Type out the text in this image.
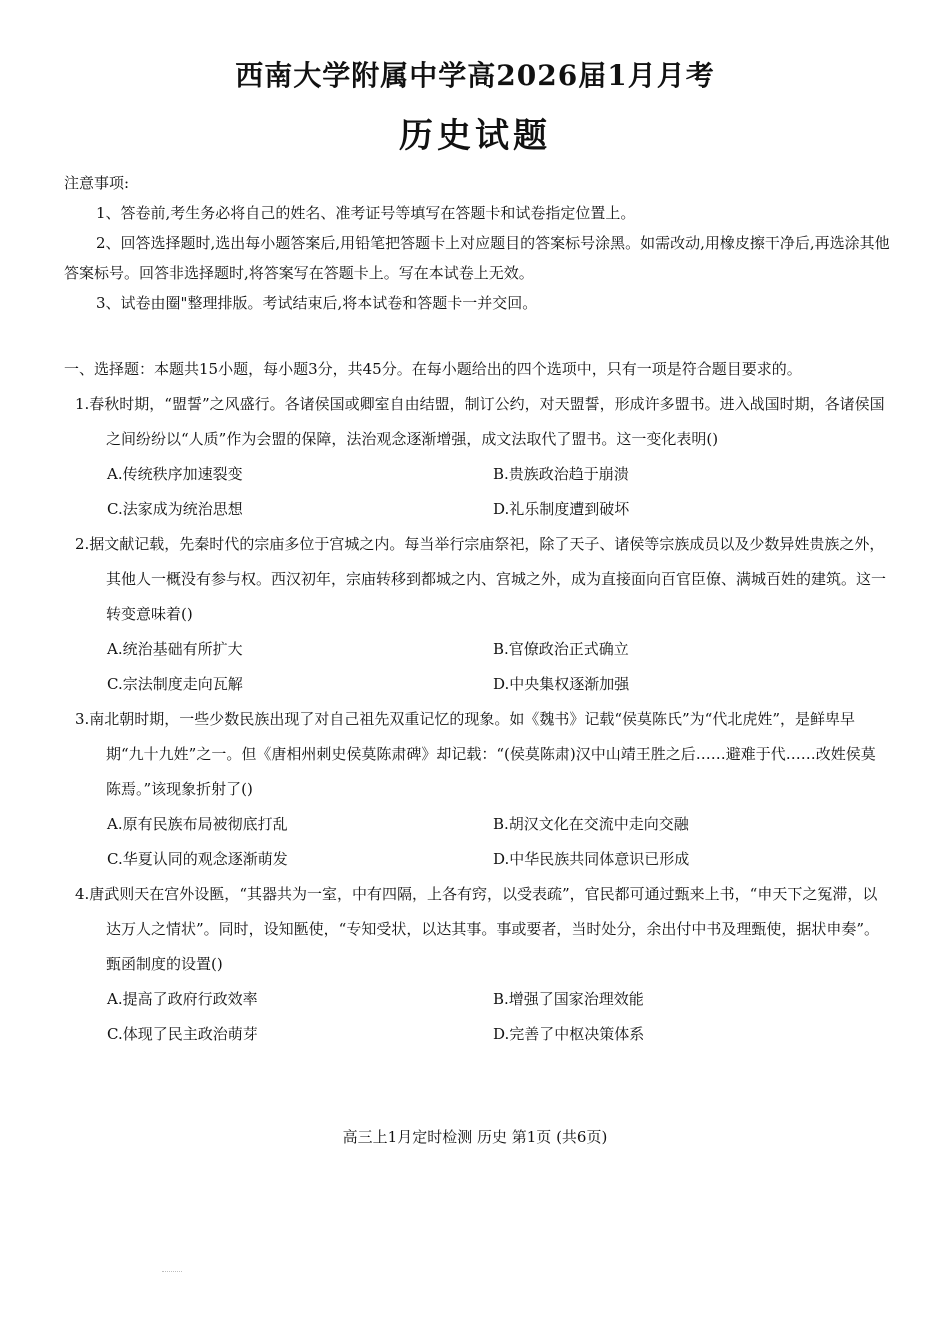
西南大学附属中学高2026届1月月考
历史试题
注意事项:
1、答卷前,考生务必将自己的姓名、准考证号等填写在答题卡和试卷指定位置上。
2、回答选择题时,选出每小题答案后,用铅笔把答题卡上对应题目的答案标号涂黑。如需改动,用橡皮擦干净后,再选涂其他答案标号。回答非选择题时,将答案写在答题卡上。写在本试卷上无效。
3、试卷由圈"整理排版。考试结束后,将本试卷和答题卡一并交回。
一、选择题：本题共15小题，每小题3分，共45分。在每小题给出的四个选项中，只有一项是符合题目要求的。
1.春秋时期，“盟誓”之风盛行。各诸侯国或卿室自由结盟，制订公约，对天盟誓，形成许多盟书。进入战国时期，各诸侯国之间纷纷以“人质”作为会盟的保障，法治观念逐渐增强，成文法取代了盟书。这一变化表明()
A.传统秩序加速裂变	B.贵族政治趋于崩溃
C.法家成为统治思想	D.礼乐制度遭到破坏
2.据文献记载，先秦时代的宗庙多位于宫城之内。每当举行宗庙祭祀，除了天子、诸侯等宗族成员以及少数异姓贵族之外，其他人一概没有参与权。西汉初年，宗庙转移到都城之内、宫城之外，成为直接面向百官臣僚、满城百姓的建筑。这一转变意味着()
A.统治基础有所扩大	B.官僚政治正式确立
C.宗法制度走向瓦解	D.中央集权逐渐加强
3.南北朝时期，一些少数民族出现了对自己祖先双重记忆的现象。如《魏书》记载“侯莫陈氏”为“代北虎姓”，是鲜卑早期“九十九姓”之一。但《唐相州刺史侯莫陈肃碑》却记载：“(侯莫陈肃)汉中山靖王胜之后……避难于代……改姓侯莫陈焉。”该现象折射了()
A.原有民族布局被彻底打乱	B.胡汉文化在交流中走向交融
C.华夏认同的观念逐渐萌发	D.中华民族共同体意识已形成
4.唐武则天在宫外设匦，“其器共为一室，中有四隔，上各有窍，以受表疏”，官民都可通过甄来上书，“申天下之冤滞，以达万人之情状”。同时，设知匦使，“专知受状，以达其事。事或要者，当时处分，余出付中书及理甄使，据状申奏”。甄函制度的设置()
A.提高了政府行政效率	B.增强了国家治理效能
C.体现了民主政治萌芽	D.完善了中枢决策体系
高三上1月定时检测 历史 第1页 (共6页)
